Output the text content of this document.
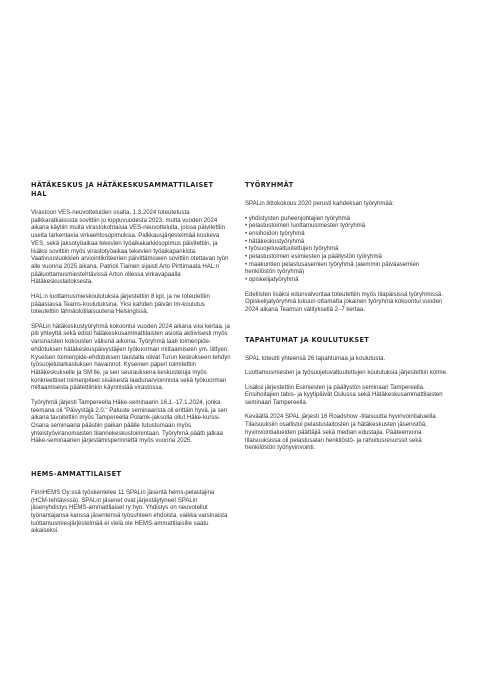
HÄTÄKESKUS JA HÄTÄKESKUSAMMATTILAISET HAL

Virastoon VES-neuvotteluiden osalta, 1.3.2024 toteutetusta palkkaratkaisusta sovittiin jo loppuvuodesta 2023, mutta vuoden 2024 aikana käytiin muita virastokohtaisia VES-neuvotteluita, joissa päivitettiin useita tarkentavia virkaehtosopimuksia. Palkkausjärjestelmää koskeva VES, sekä jaksotyöaikaa tekevien työaikakarkkisopimus päivitettiin, ja lisäksi sovittiin myös virastotyöaikaa tekevien työaikapankista. Vaativuusluokkien arviointikriteerien päivittämiseen sovittiin otettavan työn alle vuonna 2025 aikana. Patrick Tiainen sijaisti Arto Pirttimaata HAL:n pääluottamusmiestehtävissä Arton ollessa virkavapaalla Hätäkeskuslaitoksesta.

HAL:n luottamusmieskoulutuksia järjestettiin 8 kpl, ja ne toteutettiin pääasiassa Teams-koulutuksina. Yksi kahden päivän lm-koulutus toteutettiin lähnäolotilaisuutena Helsingissä.

SPALin hätäkeskustyöryhmä kokoontui vuoden 2024 aikana viisi kertaa, ja piti yhteyttä sekä edisti hätäkeskusammattilaisten asioita aktiivisesti myös varsinaisten kokousten välisinä aikoina. Työryhmä laati toimenpide-ehdotuksen hätäkeskuspäivystäjien työkuorman mittaamiseen ym. liittyen. Kyselsen toimenpide-ehdotuksen taustalla olivat Turun keskukseen tehdyn työsuojelutarkastuksen havainnot. Kyseinen paperi toimitettiin Hätäkeskukselle ja SM:lle, ja sen seurauksena keskusteluja myös konkreettiset toimenpiteet sisäisestä laadunarvioinnista sekä työkuorman mittaamisesta päätettiinkin käynnistää virastossa.

Työryhmä järjesti Tampereella Häke-seminaarin 16.1.-17.1.2024, jonka teemana oli "Päivystäjä 2.0." Paluute seminaarista oli erittäin hyvä, ja sen aikana tavoitettiin myös Tampereella Polamk-jaksolla ollut Häke-kurssi. Osana seminaaria päästiin paikan päälle tutustumaan myös yhteistyöviranomaisten tilannekeskustoimintaan. Työryhmä päätti jatkaa Häke-seminaarien järjestämisperinnettä myös vuonna 2025.

HEMS-AMMATTILAISET

FinnHEMS Oy:ssä työskentelee 11 SPALin jäsentä hems-pelastajina (HCM-tehtävissä). SPALin jäsenet ovat järjestäytyneet SPALin jäsenyhdistys HEMS-ammattilaiset ry:hyn. Yhdistys on neuvotellut työnantajansa kanssa jäsentensä työsuhteen ehdoista, vaikka varsinaista luottamusmiesjärjestelmää ei vielä ole HEMS-ammattilaisille saatu aikaiseksi.

TYÖRYHMÄT

SPALin liittokokous 2020 perusti kahdeksan työryhmää:

• yhdistysten puheenjohtajien työryhmä
• pelastustoimen luottamusmiesten työryhmä
• ensihoidon työryhmä
• hätäkeskustyöryhmä
• työsuojeluvaltuutettujen työryhmä
• pelastustoimen esimiesten ja päällystön työryhmä
• maakuntien pelastusasemien työryhmä (aiemmin päiväasemien henkilöstön työryhmä)
• opiskelijatyöryhmä

Edellisten lisäksi edunvalvontaa toteutettiin myös tilapäisissä työryhmissä. Opiskelijatyöryhmä lukuun ottamatta jokainen työryhmä kokoontui vuoden 2024 aikana Teamsin välityksellä 2–7 kertaa.

TAPAHTUMAT JA KOULUTUKSET

SPAL toteutti yhteensä 26 tapahtumaa ja koulutusta.

Luottamusmiesten ja työsuojeluvaltuutettujen koulutuksia järjestettiin kolme.

Lisäksi järjestettiin Esimiesten ja päällystön seminaari Tampereella. Ensihoitajien tabis- ja kyytipäivät Oulussa sekä Hätäkeskusammattilaisten seminaari Tampereella.

Keväällä 2024 SPAL järjesti 16 Roadshow -tilaisuutta hyvinvointialueilla. Tilaisuuksiin osallistui pelastuslaitosten ja hätäkeskusten jäsenistöä, hyvinvointialueiden päättäjiä sekä median edustajia. Pääteemoina tilaisuuksissa oli pelastusalan henkilöstö- ja rahoitusresurssit sekä henkilöstön työhyvinvointi.
